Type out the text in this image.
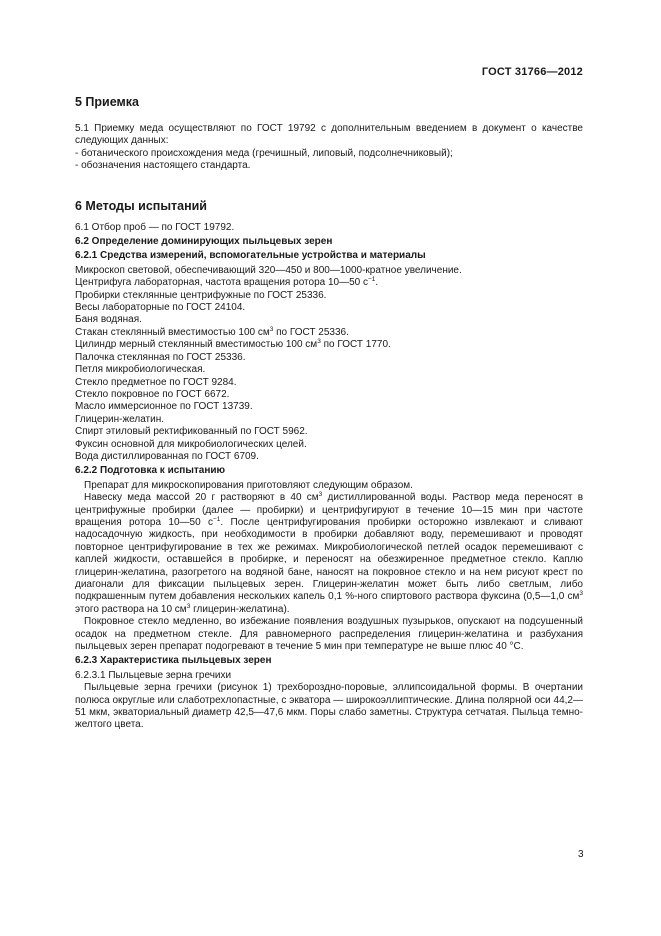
ГОСТ 31766—2012
5 Приемка
5.1 Приемку меда осуществляют по ГОСТ 19792 с дополнительным введением в документ о качестве следующих данных:
- ботанического происхождения меда (гречишный, липовый, подсолнечниковый);
- обозначения настоящего стандарта.
6 Методы испытаний
6.1 Отбор проб — по ГОСТ 19792.
6.2 Определение доминирующих пыльцевых зерен
6.2.1 Средства измерений, вспомогательные устройства и материалы
Микроскоп световой, обеспечивающий 320—450 и 800—1000-кратное увеличение.
Центрифуга лабораторная, частота вращения ротора 10—50 $с^{-1}$.
Пробирки стеклянные центрифужные по ГОСТ 25336.
Весы лабораторные по ГОСТ 24104.
Баня водяная.
Стакан стеклянный вместимостью 100 $см^3$ по ГОСТ 25336.
Цилиндр мерный стеклянный вместимостью 100 $см^3$ по ГОСТ 1770.
Палочка стеклянная по ГОСТ 25336.
Петля микробиологическая.
Стекло предметное по ГОСТ 9284.
Стекло покровное по ГОСТ 6672.
Масло иммерсионное по ГОСТ 13739.
Глицерин-желатин.
Спирт этиловый ректификованный по ГОСТ 5962.
Фуксин основной для микробиологических целей.
Вода дистиллированная по ГОСТ 6709.
6.2.2 Подготовка к испытанию
Препарат для микроскопирования приготовляют следующим образом.
Навеску меда массой 20 г растворяют в 40 $см^3$ дистиллированной воды. Раствор меда переносят в центрифужные пробирки (далее — пробирки) и центрифугируют в течение 10—15 мин при частоте вращения ротора 10—50 $с^{-1}$. После центрифугирования пробирки осторожно извлекают и сливают надосадочную жидкость, при необходимости в пробирки добавляют воду, перемешивают и проводят повторное центрифугирование в тех же режимах. Микробиологической петлей осадок перемешивают с каплей жидкости, оставшейся в пробирке, и переносят на обезжиренное предметное стекло. Каплю глицерин-желатина, разогретого на водяной бане, наносят на покровное стекло и на нем рисуют крест по диагонали для фиксации пыльцевых зерен. Глицерин-желатин может быть либо светлым, либо подкрашенным путем добавления нескольких капель 0,1 %-ного спиртового раствора фуксина (0,5—1,0 $см^3$ этого раствора на 10 $см^3$ глицерин-желатина).
Покровное стекло медленно, во избежание появления воздушных пузырьков, опускают на подсушенный осадок на предметном стекле. Для равномерного распределения глицерин-желатина и разбухания пыльцевых зерен препарат подогревают в течение 5 мин при температуре не выше плюс 40 °С.
6.2.3 Характеристика пыльцевых зерен
6.2.3.1 Пыльцевые зерна гречихи
Пыльцевые зерна гречихи (рисунок 1) трехбороздно-поровые, эллипсоидальной формы. В очертании полюса округлые или слаботрехлопастные, с экватора — широкоэллиптические. Длина полярной оси 44,2—51 мкм, экваториальный диаметр 42,5—47,6 мкм. Поры слабо заметны. Структура сетчатая. Пыльца темно-желтого цвета.
3
